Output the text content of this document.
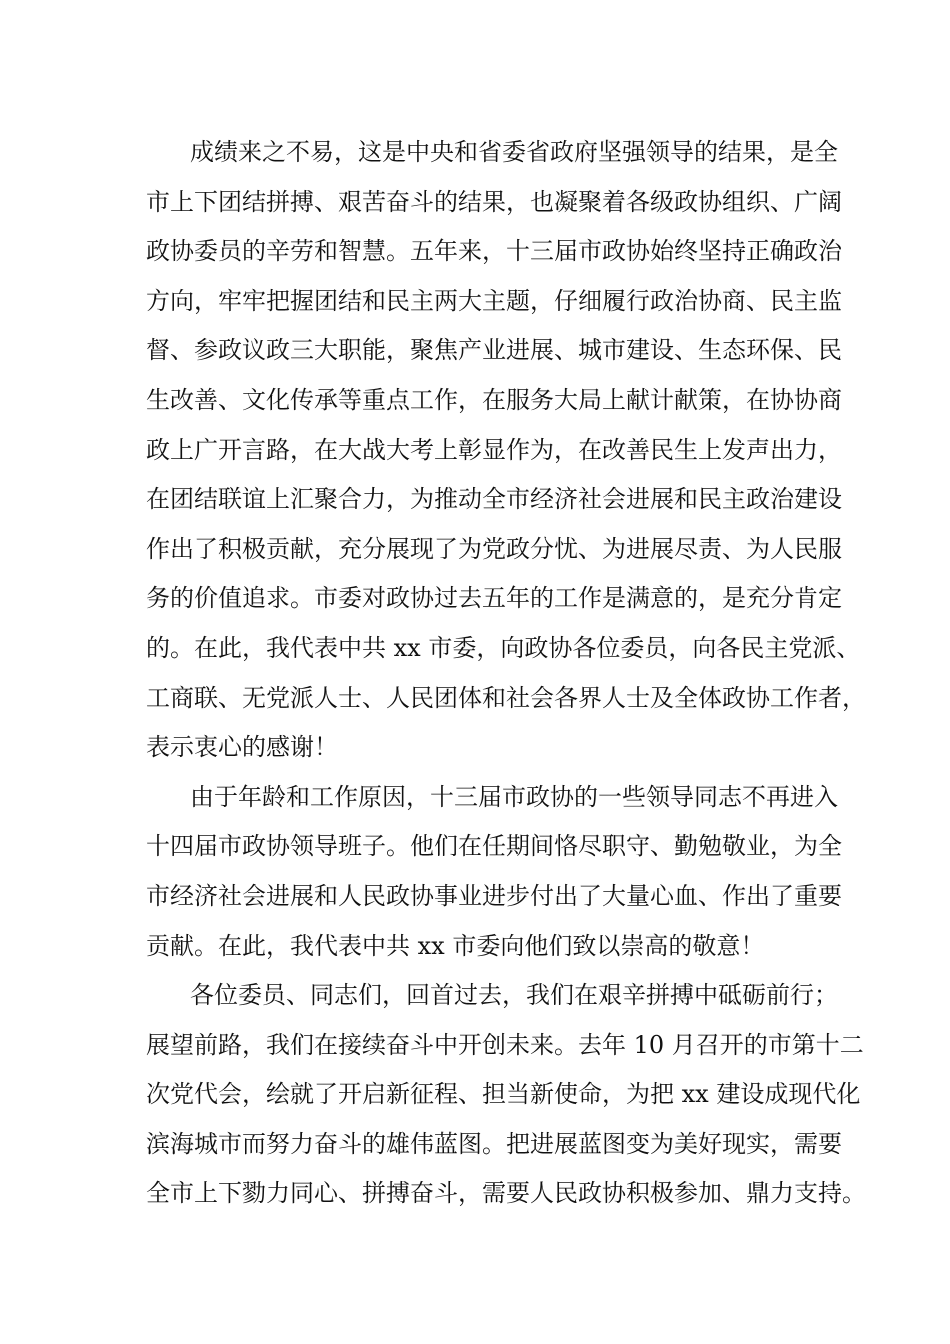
成绩来之不易，这是中央和省委省政府坚强领导的结果，是全
市上下团结拼搏、艰苦奋斗的结果，也凝聚着各级政协组织、广阔
政协委员的辛劳和智慧。五年来，十三届市政协始终坚持正确政治
方向，牢牢把握团结和民主两大主题，仔细履行政治协商、民主监
督、参政议政三大职能，聚焦产业进展、城市建设、生态环保、民
生改善、文化传承等重点工作，在服务大局上献计献策，在协协商
政上广开言路，在大战大考上彰显作为，在改善民生上发声出力，
在团结联谊上汇聚合力，为推动全市经济社会进展和民主政治建设
作出了积极贡献，充分展现了为党政分忧、为进展尽责、为人民服
务的价值追求。市委对政协过去五年的工作是满意的，是充分肯定
的。在此，我代表中共 xx 市委，向政协各位委员，向各民主党派、
工商联、无党派人士、人民团体和社会各界人士及全体政协工作者，
表示衷心的感谢！
由于年龄和工作原因，十三届市政协的一些领导同志不再进入
十四届市政协领导班子。他们在任期间恪尽职守、勤勉敬业，为全
市经济社会进展和人民政协事业进步付出了大量心血、作出了重要
贡献。在此，我代表中共 xx 市委向他们致以崇高的敬意！
各位委员、同志们，回首过去，我们在艰辛拼搏中砥砺前行；
展望前路，我们在接续奋斗中开创未来。去年 10 月召开的市第十二
次党代会，绘就了开启新征程、担当新使命，为把 xx 建设成现代化
滨海城市而努力奋斗的雄伟蓝图。把进展蓝图变为美好现实，需要
全市上下勠力同心、拼搏奋斗，需要人民政协积极参加、鼎力支持。
